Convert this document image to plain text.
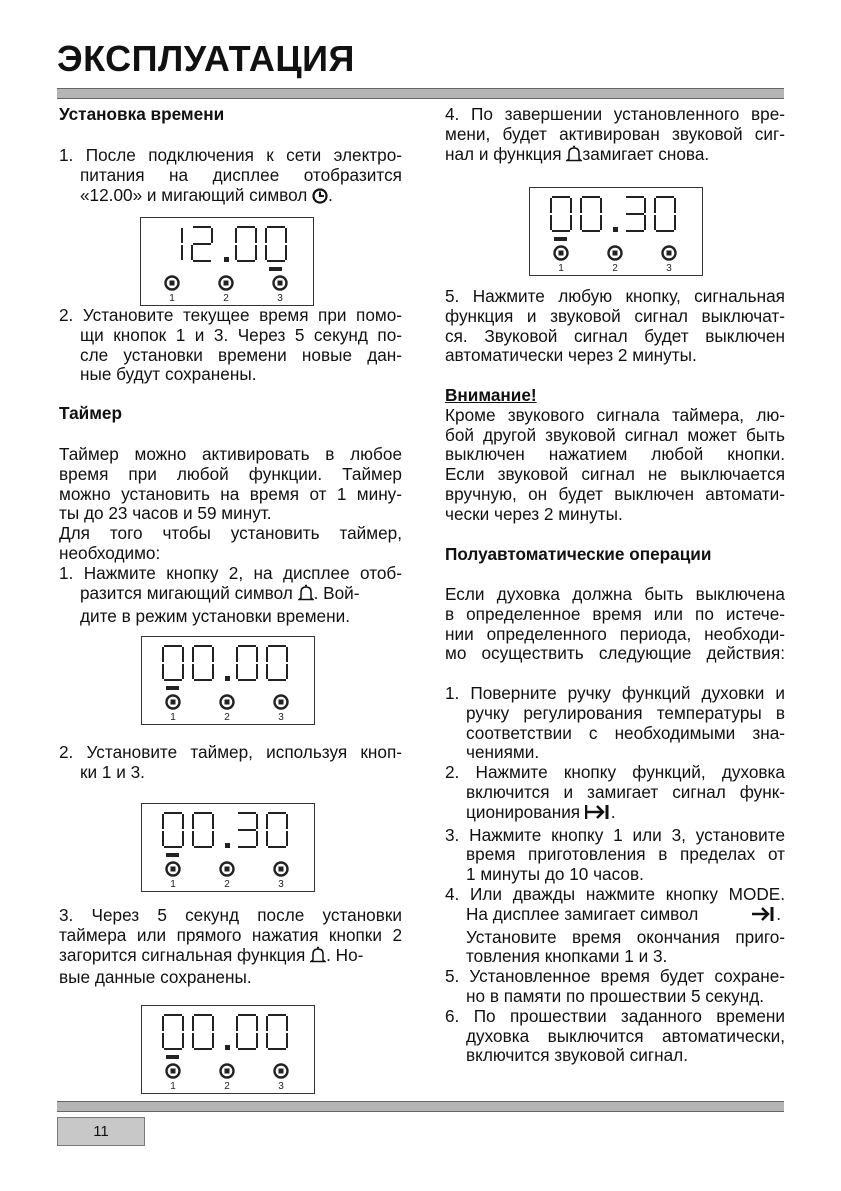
ЭКСПЛУАТАЦИЯ

Установка времени

1. После подключения к сети электро-

питания на дисплее отобразится

«12.00» и мигающий символ .

1	2	3

2. Установите текущее время при помо-

щи кнопок 1 и 3. Через 5 секунд по-

сле установки времени новые дан-

ные будут сохранены.

Таймер

Таймер можно активировать в любое

время при любой функции. Таймер

можно установить на время от 1 мину-

ты до 23 часов и 59 минут.

Для того чтобы установить таймер,

необходимо:

1. Нажмите кнопку 2, на дисплее отоб-

разится мигающий символ . Вой-

дите в режим установки времени.

1	2	3

2. Установите таймер, используя кноп-

ки 1 и 3.

1	2	3

3. Через 5 секунд после установки

таймера или прямого нажатия кнопки 2

загорится сигнальная функция . Но-

вые данные сохранены.

1	2	3

4. По завершении установленного вре-

мени, будет активирован звуковой сиг-

нал и функция замигает снова.

1	2	3

5. Нажмите любую кнопку, сигнальная

функция и звуковой сигнал выключат-

ся. Звуковой сигнал будет выключен

автоматически через 2 минуты.

Внимание!

Кроме звукового сигнала таймера, лю-

бой другой звуковой сигнал может быть

выключен нажатием любой кнопки.

Если звуковой сигнал не выключается

вручную, он будет выключен автомати-

чески через 2 минуты.

Полуавтоматические операции

Если духовка должна быть выключена

в определенное время или по истече-

нии определенного периода, необходи-

мо осуществить следующие действия:

1. Поверните ручку функций духовки и

ручку регулирования температуры в

соответствии с необходимыми зна-

чениями.

2. Нажмите кнопку функций, духовка

включится и замигает сигнал функ-

ционирования .

3. Нажмите кнопку 1 или 3, установите

время приготовления в пределах от

1 минуты до 10 часов.

4. Или дважды нажмите кнопку MODE.

На дисплее замигает символ	.

Установите время окончания приго-

товления кнопками 1 и 3.

5. Установленное время будет сохране-

но в памяти по прошествии 5 секунд.

6. По прошествии заданного времени

духовка выключится автоматически,

включится звуковой сигнал.

11
